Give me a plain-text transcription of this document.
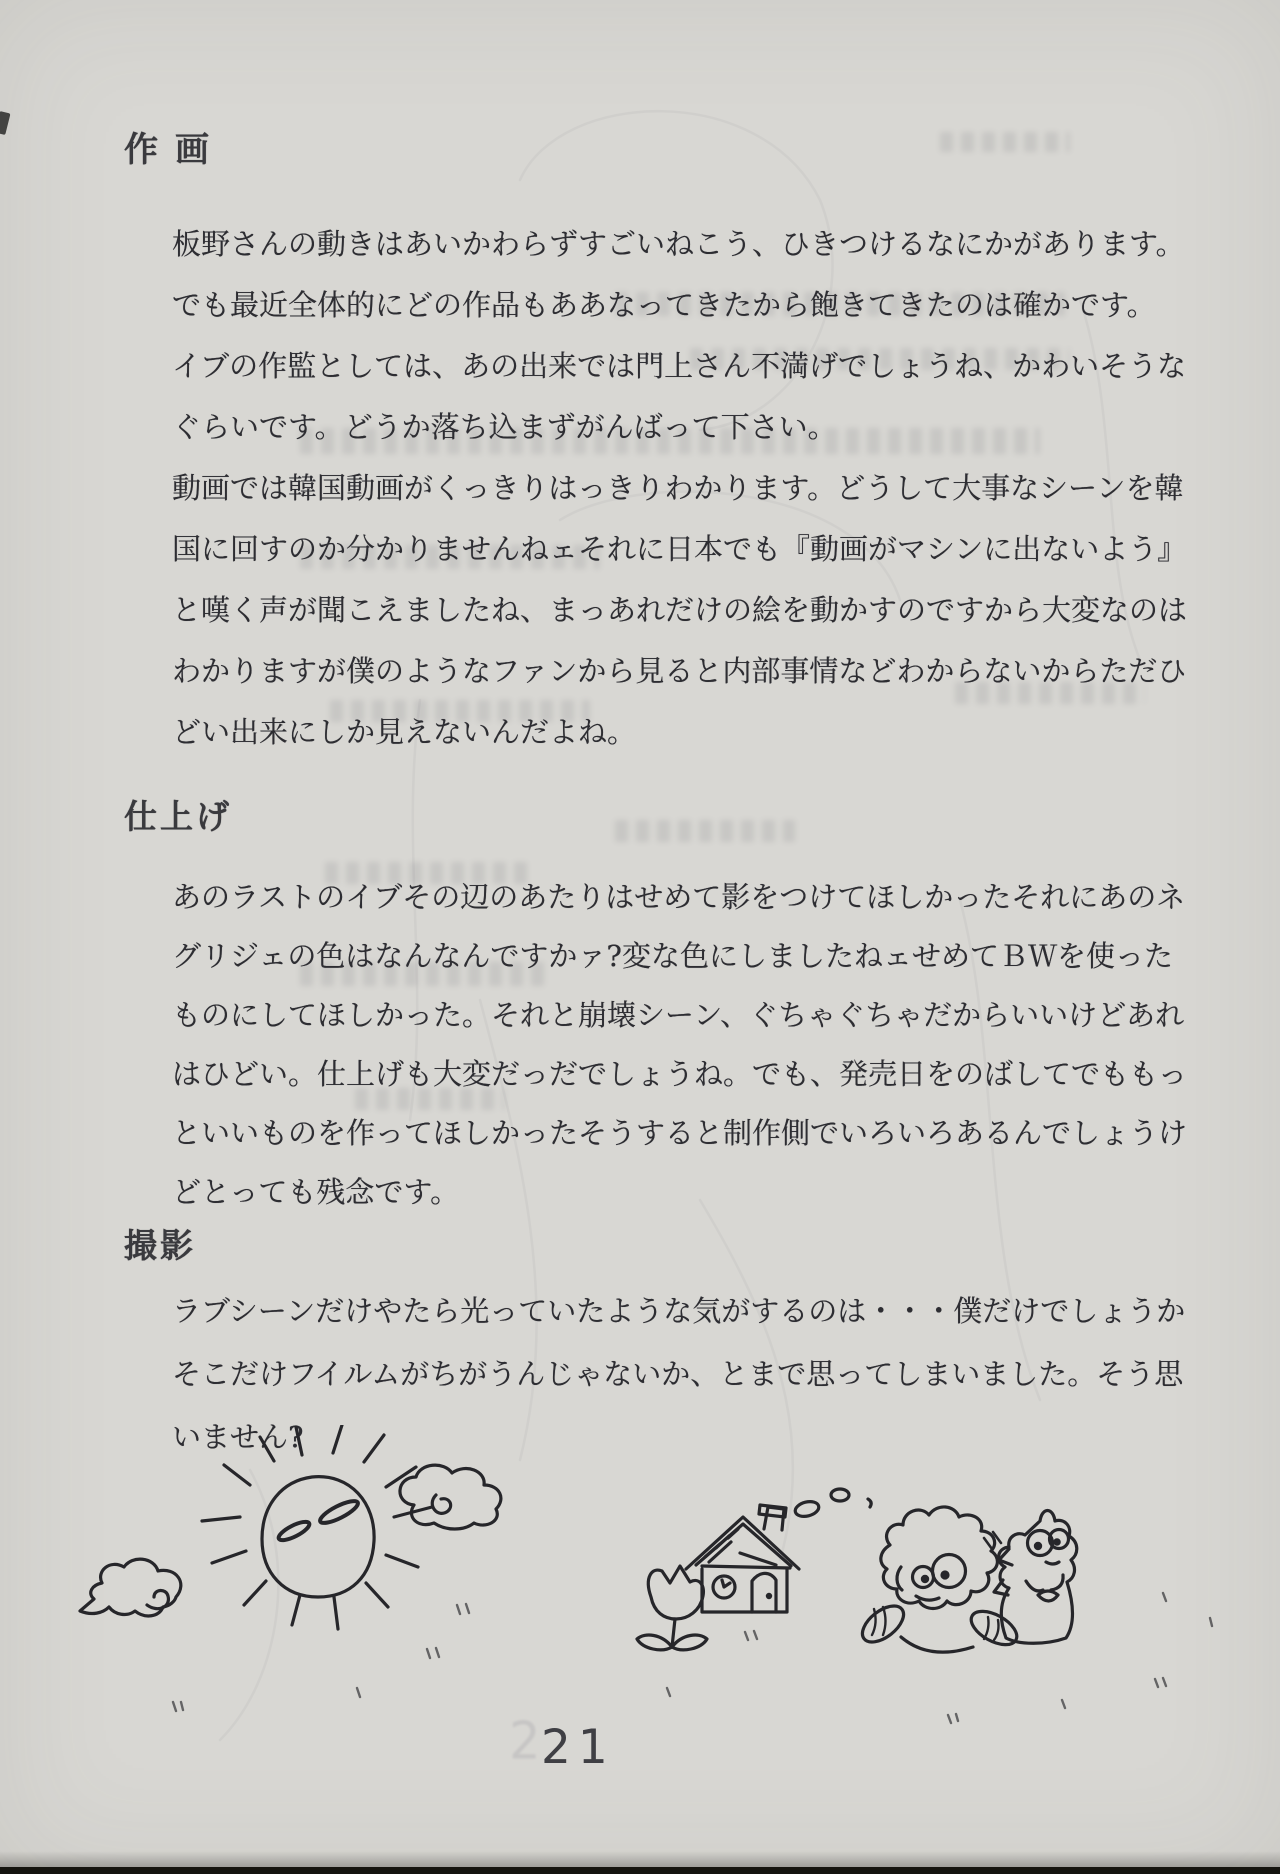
作画
板野さんの動きはあいかわらずすごいねこう、ひきつけるなにかがあります。
でも最近全体的にどの作品もああなってきたから飽きてきたのは確かです。
イブの作監としては、あの出来では門上さん不満げでしょうね、かわいそうな
ぐらいです。どうか落ち込まずがんばって下さい。
動画では韓国動画がくっきりはっきりわかります。どうして大事なシーンを韓
国に回すのか分かりませんねェそれに日本でも『動画がマシンに出ないよう』
と嘆く声が聞こえましたね、まっあれだけの絵を動かすのですから大変なのは
わかりますが僕のようなファンから見ると内部事情などわからないからただひ
どい出来にしか見えないんだよね。
仕上げ
あのラストのイブその辺のあたりはせめて影をつけてほしかったそれにあのネ
グリジェの色はなんなんですかァ?変な色にしましたねェせめてＢＷを使った
ものにしてほしかった。それと崩壊シーン、ぐちゃぐちゃだからいいけどあれ
はひどい。仕上げも大変だっだでしょうね。でも、発売日をのばしてでももっ
といいものを作ってほしかったそうすると制作側でいろいろあるんでしょうけ
どとっても残念です。
撮影
ラブシーンだけやたら光っていたような気がするのは・・・僕だけでしょうか
そこだけフイルムがちがうんじゃないか、とまで思ってしまいました。そう思
いません?
2
21
